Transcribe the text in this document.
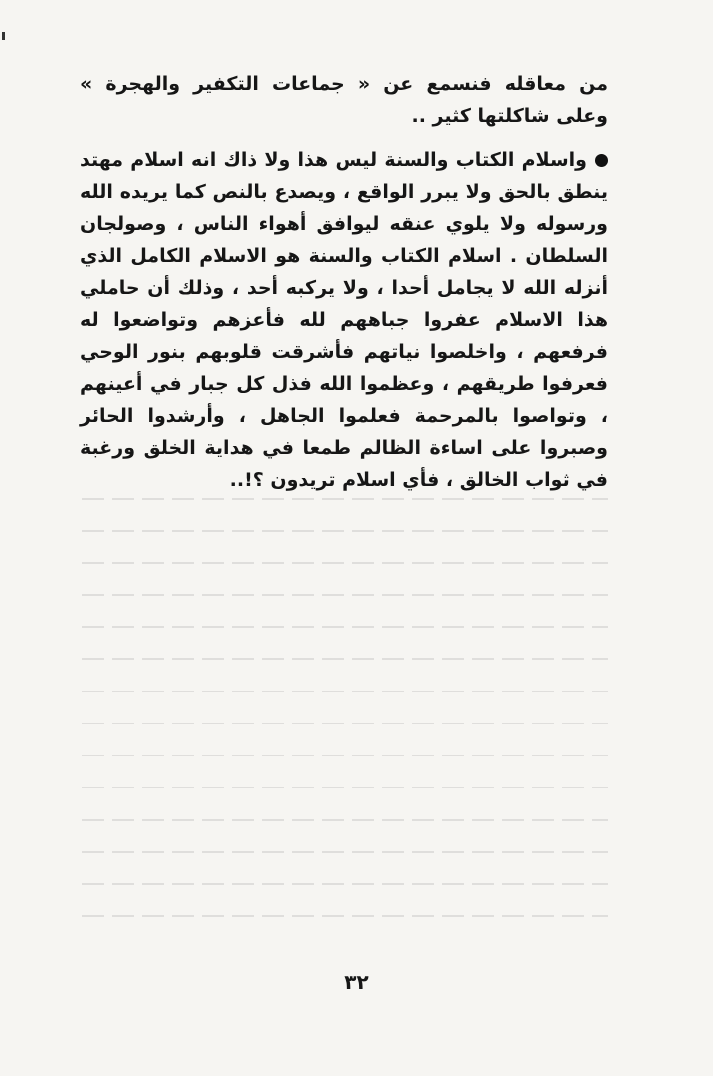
من معاقله فنسمع عن « جماعات التكفير والهجرة » وعلى شاكلتها كثير ..
واسلام الكتاب والسنة ليس هذا ولا ذاك انه اسلام مهتد ينطق بالحق ولا يبرر الواقع ، ويصدع بالنص كما يريده الله ورسوله ولا يلوي عنقه ليوافق أهواء الناس ، وصولجان السلطان . اسلام الكتاب والسنة هو الاسلام الكامل الذي أنزله الله لا يجامل أحدا ، ولا يركبه أحد ، وذلك أن حاملي هذا الاسلام عفروا جباههم لله فأعزهم وتواضعوا له فرفعهم ، واخلصوا نياتهم فأشرقت قلوبهم بنور الوحي فعرفوا طريقهم ، وعظموا الله فذل كل جبار في أعينهم ، وتواصوا بالمرحمة فعلموا الجاهل ، وأرشدوا الحائر وصبروا على اساءة الظالم طمعا في هداية الخلق ورغبة في ثواب الخالق ، فأي اسلام تريدون ؟!..
٣٢
